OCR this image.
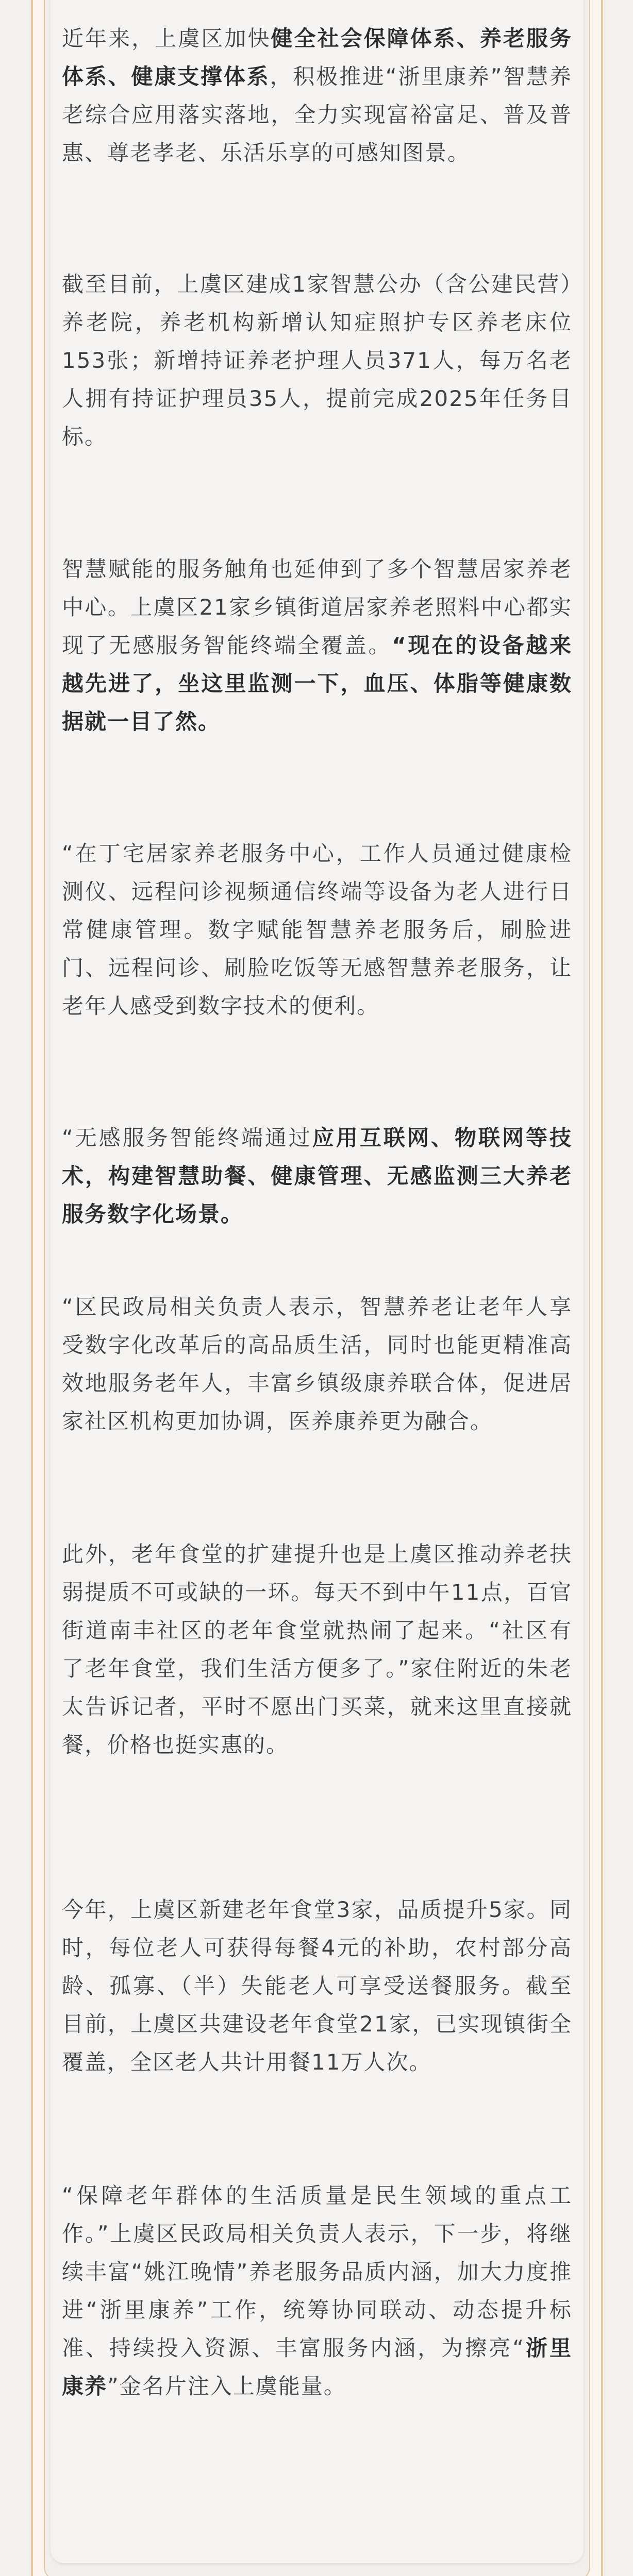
近年来，上虞区加快健全社会保障体系、养老服务体系、健康支撑体系，积极推进“浙里康养”智慧养老综合应用落实落地，全力实现富裕富足、普及普惠、尊老孝老、乐活乐享的可感知图景。

截至目前，上虞区建成1家智慧公办（含公建民营）养老院，养老机构新增认知症照护专区养老床位153张；新增持证养老护理人员371人，每万名老人拥有持证护理员35人，提前完成2025年任务目标。

智慧赋能的服务触角也延伸到了多个智慧居家养老中心。上虞区21家乡镇街道居家养老照料中心都实现了无感服务智能终端全覆盖。“现在的设备越来越先进了，坐这里监测一下，血压、体脂等健康数据就一目了然。

“在丁宅居家养老服务中心，工作人员通过健康检测仪、远程问诊视频通信终端等设备为老人进行日常健康管理。数字赋能智慧养老服务后，刷脸进门、远程问诊、刷脸吃饭等无感智慧养老服务，让老年人感受到数字技术的便利。

“无感服务智能终端通过应用互联网、物联网等技术，构建智慧助餐、健康管理、无感监测三大养老服务数字化场景。

“区民政局相关负责人表示，智慧养老让老年人享受数字化改革后的高品质生活，同时也能更精准高效地服务老年人，丰富乡镇级康养联合体，促进居家社区机构更加协调，医养康养更为融合。

此外，老年食堂的扩建提升也是上虞区推动养老扶弱提质不可或缺的一环。每天不到中午11点，百官街道南丰社区的老年食堂就热闹了起来。“社区有了老年食堂，我们生活方便多了。”家住附近的朱老太告诉记者，平时不愿出门买菜，就来这里直接就餐，价格也挺实惠的。

今年，上虞区新建老年食堂3家，品质提升5家。同时，每位老人可获得每餐4元的补助，农村部分高龄、孤寡、（半）失能老人可享受送餐服务。截至目前，上虞区共建设老年食堂21家，已实现镇街全覆盖，全区老人共计用餐11万人次。

“保障老年群体的生活质量是民生领域的重点工作。”上虞区民政局相关负责人表示，下一步，将继续丰富“姚江晚情”养老服务品质内涵，加大力度推进“浙里康养”工作，统筹协同联动、动态提升标准、持续投入资源、丰富服务内涵，为擦亮“浙里康养”金名片注入上虞能量。
